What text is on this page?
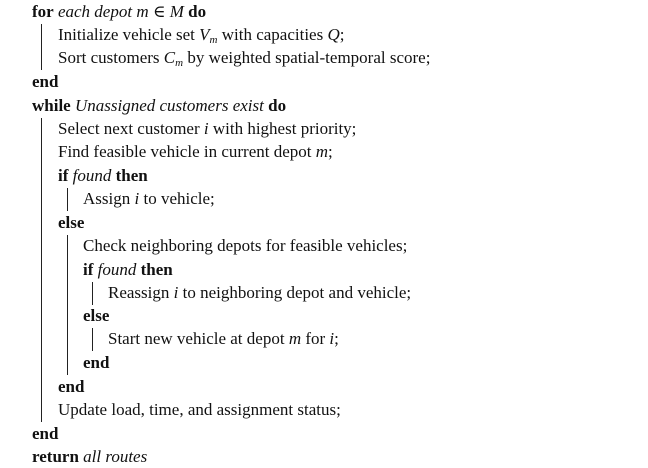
for each depot m ∈ M do
Initialize vehicle set $V_m$ with capacities Q;
Sort customers $C_m$ by weighted spatial-temporal score;
end
while Unassigned customers exist do
Select next customer i with highest priority;
Find feasible vehicle in current depot m;
if found then
Assign i to vehicle;
else
Check neighboring depots for feasible vehicles;
if found then
Reassign i to neighboring depot and vehicle;
else
Start new vehicle at depot m for i;
end
end
Update load, time, and assignment status;
end
return all routes
